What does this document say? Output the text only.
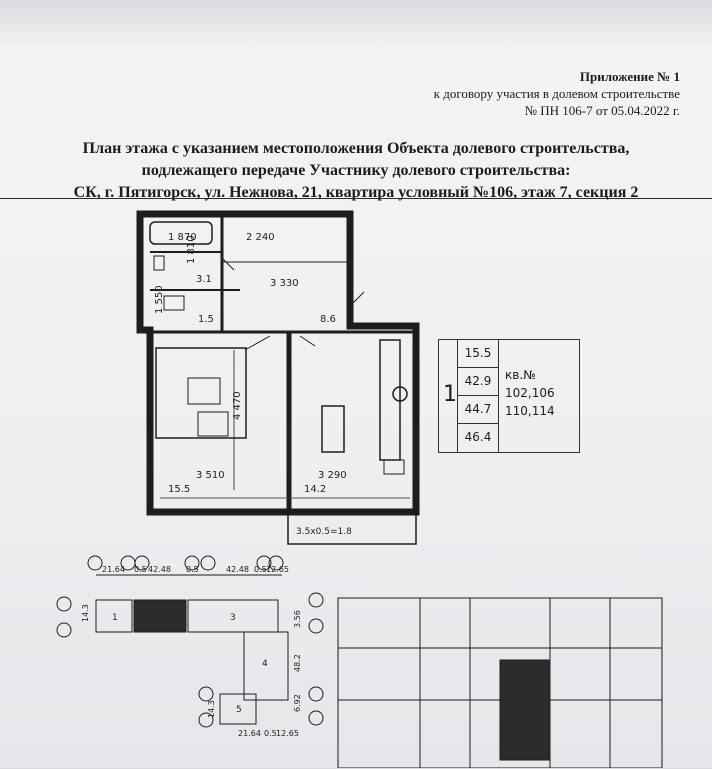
Приложение № 1
к договору участия в долевом строительстве
№ ПН 106-7 от 05.04.2022 г.
План этажа с указанием местоположения Объекта долевого строительства,
подлежащего передаче Участнику долевого строительства:
СК, г. Пятигорск, ул. Нежнова, 21, квартира условный №106, этаж 7, секция 2
1 870	2 240
3 330
3 510	3 290
4 470
1 810
1 550
3.1
1.5	8.6
15.5	14.2
3.5x0.5=1.8
1
15.5
42.9
44.7
46.4
кв.№
102,106
110,114
21.64 0.5 42.48 0.5	42.48 0.5 12.65
21.64 0.5 12.65
14.3 1	3
4
5
3.56
48.2
6.92
14.3
